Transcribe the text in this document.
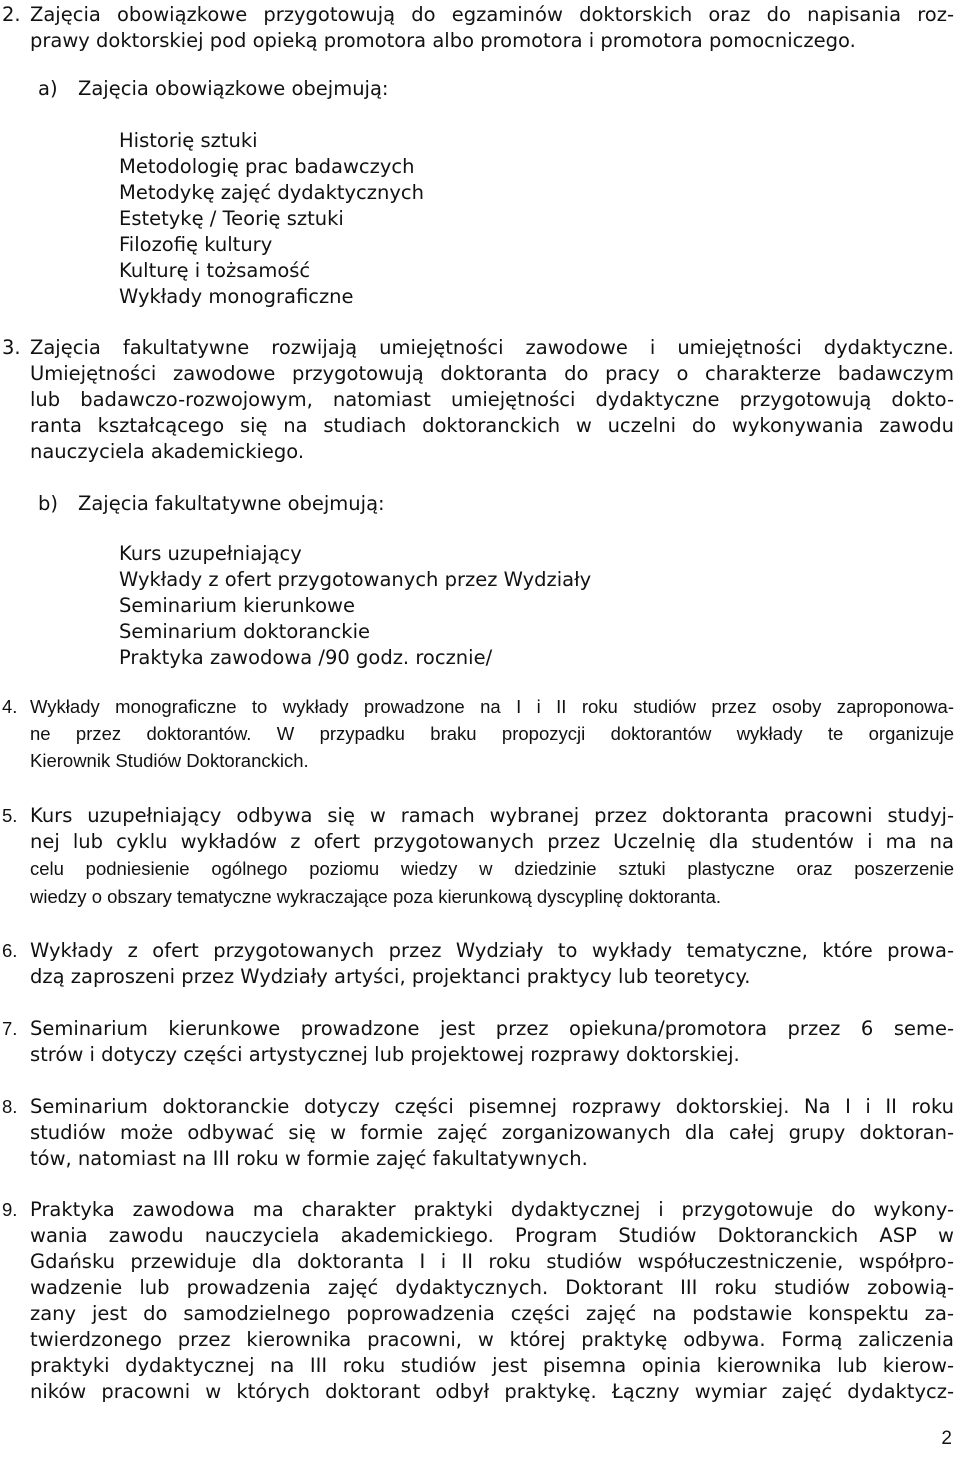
2. Zajęcia obowiązkowe przygotowują do egzaminów doktorskich oraz do napisania roz-
prawy doktorskiej pod opieką promotora albo promotora i promotora pomocniczego.
a) Zajęcia obowiązkowe obejmują:
Historię sztuki
Metodologię prac badawczych
Metodykę zajęć dydaktycznych
Estetykę / Teorię sztuki
Filozofię kultury
Kulturę i tożsamość
Wykłady monograficzne
3. Zajęcia fakultatywne rozwijają umiejętności zawodowe i umiejętności dydaktyczne.
Umiejętności zawodowe przygotowują doktoranta do pracy o charakterze badawczym
lub badawczo-rozwojowym, natomiast umiejętności dydaktyczne przygotowują dokto-
ranta kształcącego się na studiach doktoranckich w uczelni do wykonywania zawodu
nauczyciela akademickiego.
b) Zajęcia fakultatywne obejmują:
Kurs uzupełniający
Wykłady z ofert przygotowanych przez Wydziały
Seminarium kierunkowe
Seminarium doktoranckie
Praktyka zawodowa /90 godz. rocznie/
4. Wykłady monograficzne to wykłady prowadzone na I i II roku studiów przez osoby zaproponowa-
ne przez doktorantów. W przypadku braku propozycji doktorantów wykłady te organizuje
Kierownik Studiów Doktoranckich.
5. Kurs uzupełniający odbywa się w ramach wybranej przez doktoranta pracowni studyj-
nej lub cyklu wykładów z ofert przygotowanych przez Uczelnię dla studentów i ma na
celu podniesienie ogólnego poziomu wiedzy w dziedzinie sztuki plastyczne oraz poszerzenie
wiedzy o obszary tematyczne wykraczające poza kierunkową dyscyplinę doktoranta.
6. Wykłady z ofert przygotowanych przez Wydziały to wykłady tematyczne, które prowa-
dzą zaproszeni przez Wydziały artyści, projektanci praktycy lub teoretycy.
7. Seminarium kierunkowe prowadzone jest przez opiekuna/promotora przez 6 seme-
strów i dotyczy części artystycznej lub projektowej rozprawy doktorskiej.
8. Seminarium doktoranckie dotyczy części pisemnej rozprawy doktorskiej. Na I i II roku
studiów może odbywać się w formie zajęć zorganizowanych dla całej grupy doktoran-
tów, natomiast na III roku w formie zajęć fakultatywnych.
9. Praktyka zawodowa ma charakter praktyki dydaktycznej i przygotowuje do wykony-
wania zawodu nauczyciela akademickiego. Program Studiów Doktoranckich ASP w
Gdańsku przewiduje dla doktoranta I i II roku studiów współuczestniczenie, współpro-
wadzenie lub prowadzenia zajęć dydaktycznych. Doktorant III roku studiów zobowią-
zany jest do samodzielnego poprowadzenia części zajęć na podstawie konspektu za-
twierdzonego przez kierownika pracowni, w której praktykę odbywa. Formą zaliczenia
praktyki dydaktycznej na III roku studiów jest pisemna opinia kierownika lub kierow-
ników pracowni w których doktorant odbył praktykę. Łączny wymiar zajęć dydaktycz-
2
